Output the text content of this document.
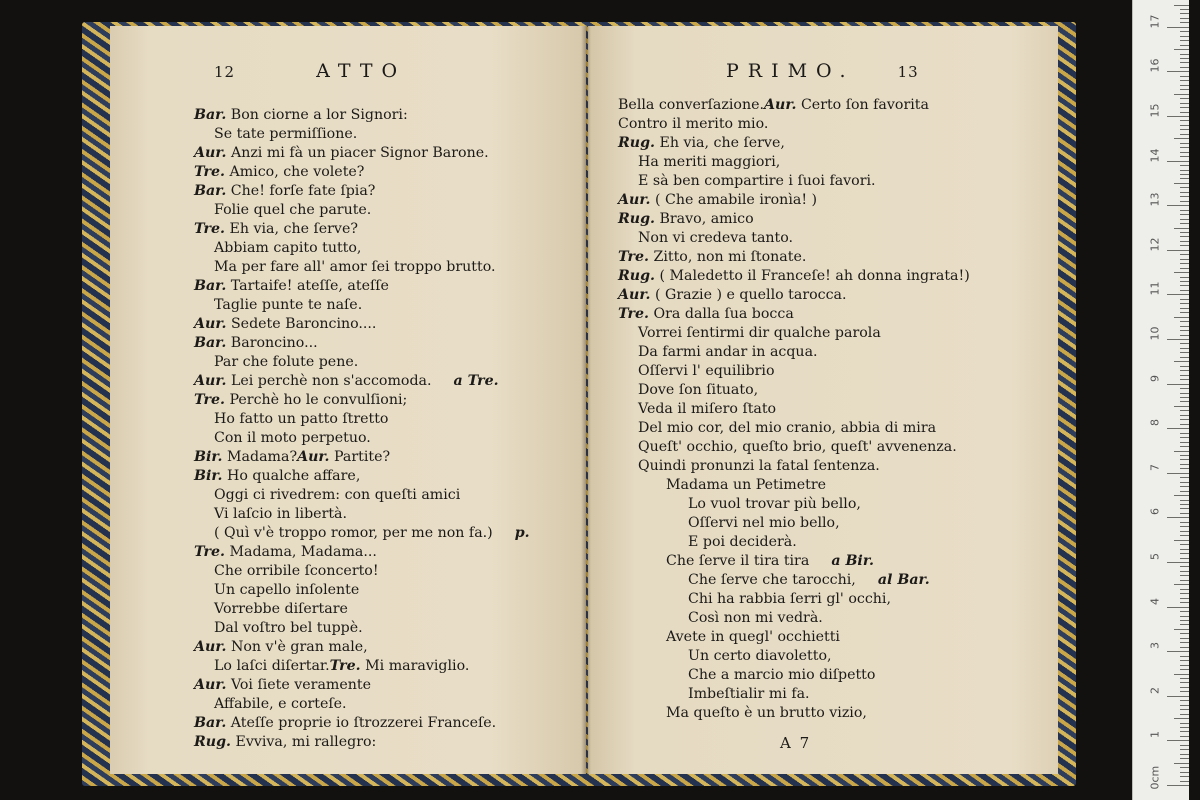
12	ATTO
Bar. Bon ciorne a lor Signori:
Se tate permiſſione.
Aur. Anzi mi fà un piacer Signor Barone.
Tre. Amico, che volete?
Bar. Che! forſe fate ſpia?
Folie quel che parute.
Tre. Eh via, che ſerve?
Abbiam capito tutto,
Ma per fare all' amor ſei troppo brutto.
Bar. Tartaife! ateſſe, ateſſe
Taglie punte te naſe.
Aur. Sedete Baroncino....
Bar. Baroncino...
Par che folute pene.
Aur. Lei perchè non s'accomoda. a Tre.
Tre. Perchè ho le convulſioni;
Ho fatto un patto ſtretto
Con il moto perpetuo.
Bir. Madama?Aur. Partite?
Bir. Ho qualche affare,
Oggi ci rivedrem: con queſti amici
Vi laſcio in libertà.
( Quì v'è troppo romor, per me non fa.) p.
Tre. Madama, Madama...
Che orribile ſconcerto!
Un capello inſolente
Vorrebbe diſertare
Dal voſtro bel tuppè.
Aur. Non v'è gran male,
Lo laſci diſertar.Tre. Mi maraviglio.
Aur. Voi ſiete veramente
Affabile, e corteſe.
Bar. Ateſſe proprie io ſtrozzerei Franceſe.
Rug. Evviva, mi rallegro:
PRIMO.	13
Bella converſazione.Aur. Certo ſon favorita
Contro il merito mio.
Rug. Eh via, che ſerve,
Ha meriti maggiori,
E sà ben compartire i ſuoi favori.
Aur. ( Che amabile ironìa! )
Rug. Bravo, amico
Non vi credeva tanto.
Tre. Zitto, non mi ſtonate.
Rug. ( Maledetto il Franceſe! ah donna ingrata!)
Aur. ( Grazie ) e quello tarocca.
Tre. Ora dalla ſua bocca
Vorrei ſentirmi dir qualche parola
Da farmi andar in acqua.
Oſſervi l' equilibrio
Dove ſon ſituato,
Veda il miſero ſtato
Del mio cor, del mio cranio, abbia di mira
Queſt' occhio, queſto brio, queſt' avvenenza.
Quindi pronunzi la fatal ſentenza.
Madama un Petimetre
Lo vuol trovar più bello,
Oſſervi nel mio bello,
E poi deciderà.
Che ſerve il tira tira a Bir.
Che ſerve che tarocchi, al Bar.
Chi ha rabbia ſerri gl' occhi,
Così non mi vedrà.
Avete in quegl' occhietti
Un certo diavoletto,
Che a marcio mio diſpetto
Imbeſtialir mi fa.
Ma queſto è un brutto vizio,
A 7
0cm
1
2
3
4
5
6
7
8
9
10
11
12
13
14
15
16
17
